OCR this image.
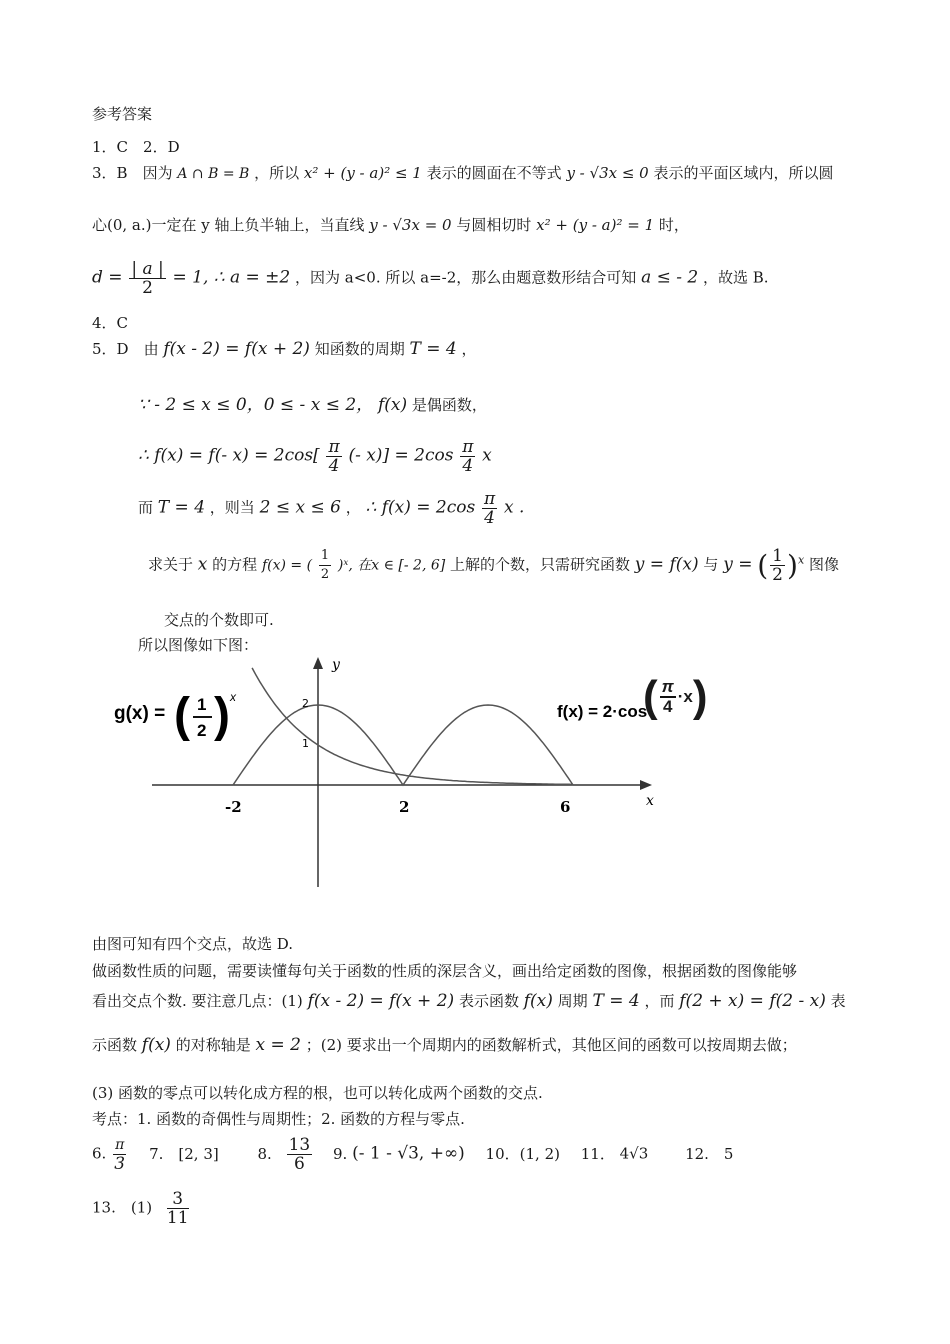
参考答案
1．C　2．D
3．B　因为 A ∩ B = B ，所以 x² + (y - a)² ≤ 1 表示的圆面在不等式 y - √3x ≤ 0 表示的平面区域内，所以圆
心(0, a.)一定在 y 轴上负半轴上，当直线 y - √3x = 0 与圆相切时 x² + (y - a)² = 1 时，
$d = \frac{| a |}{2} = 1$, ∴ a = ±2 ，因为 a<0. 所以 a=-2，那么由题意数形结合可知 a ≤ - 2 ，故选 B.
4．C
5．D　由 f(x - 2) = f(x + 2) 知函数的周期 T = 4 ，
∵ - 2 ≤ x ≤ 0，0 ≤ - x ≤ 2， f(x) 是偶函数，
∴ f(x) = f(- $x) = 2\cos[ \frac{\pi}{4}$ (- $x)] = 2\cos \frac{\pi}{4}$ x
而 T = 4 ，则当 2 ≤ x ≤ 6 ， ∴ $f(x) = 2\cos \frac{\pi}{4}$ x .
求关于 x 的方程 f(x) = ( $\frac{1}{2}$ )ˣ, 在x ∈ [- 2, 6] 上解的个数，只需研究函数 y = f(x) 与 y = ( $\frac{1}{2} )^x$ 图像
交点的个数即可.
所以图像如下图：
-2	2	6
2
1
x
y
g(x) = ( 1
2 ) x
f(x) = 2·cos
( $\frac{\pi}{4} \cdot x$)
由图可知有四个交点，故选 D.
做函数性质的问题，需要读懂每句关于函数的性质的深层含义，画出给定函数的图像，根据函数的图像能够
看出交点个数. 要注意几点：(1) f(x - 2) = f(x + 2) 表示函数 f(x) 周期 T = 4 ，而 f(2 + x) = f(2 - x) 表
示函数 f(x) 的对称轴是 x = 2 ；(2) 要求出一个周期内的函数解析式，其他区间的函数可以按周期去做；
(3) 函数的零点可以转化成方程的根，也可以转化成两个函数的交点.
考点：1. 函数的奇偶性与周期性；2. 函数的方程与零点.
6. $\frac{\pi}{3} 7$.　[2, 3]	8. $\frac{13}{6} 9$. (- 1 - √3, +∞) 10．(1, 2) 11． 4√3 12.　5
13.　$(1) \frac{3}{11}$
